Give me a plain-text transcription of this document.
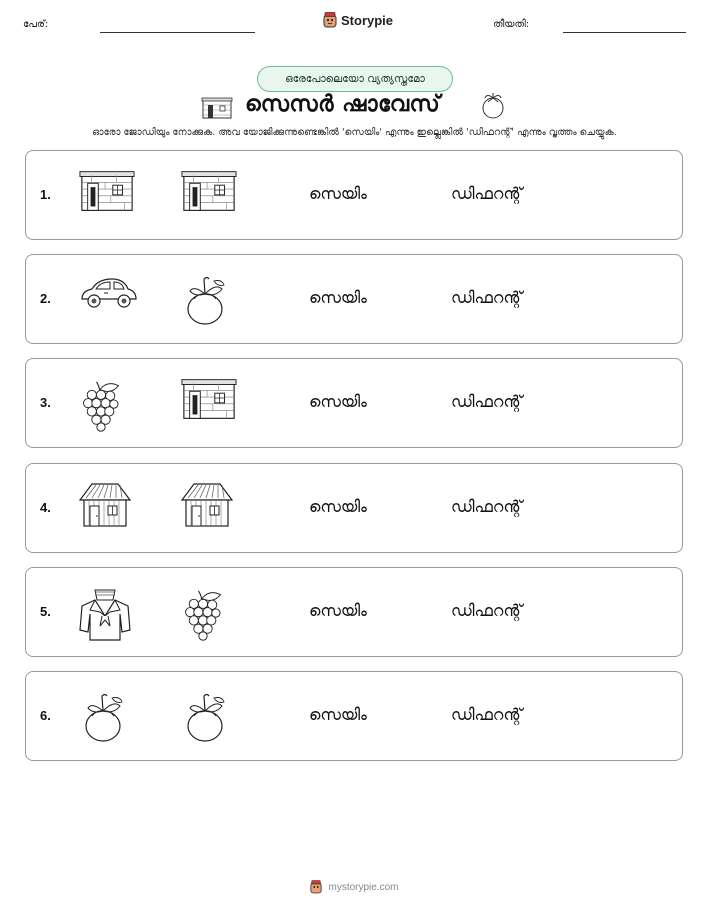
പേര്:	Storypie	തീയതി:
ഒരേപോലെയോ വ്യത്യസ്തമോ
സെസർ ഷാവേസ്
ഓരോ ജോഡിയും നോക്കുക. അവ യോജിക്കുന്നുണ്ടെങ്കിൽ 'സെയിം' എന്നും ഇല്ലെങ്കിൽ 'ഡിഫറന്റ്' എന്നും വൃത്തം ചെയ്യുക.
1.	സെയിം	ഡിഫറന്റ്
2.	സെയിം	ഡിഫറന്റ്
3.	സെയിം	ഡിഫറന്റ്
4.	സെയിം	ഡിഫറന്റ്
5.	സെയിം	ഡിഫറന്റ്
6.	സെയിം	ഡിഫറന്റ്
mystorypie.com
